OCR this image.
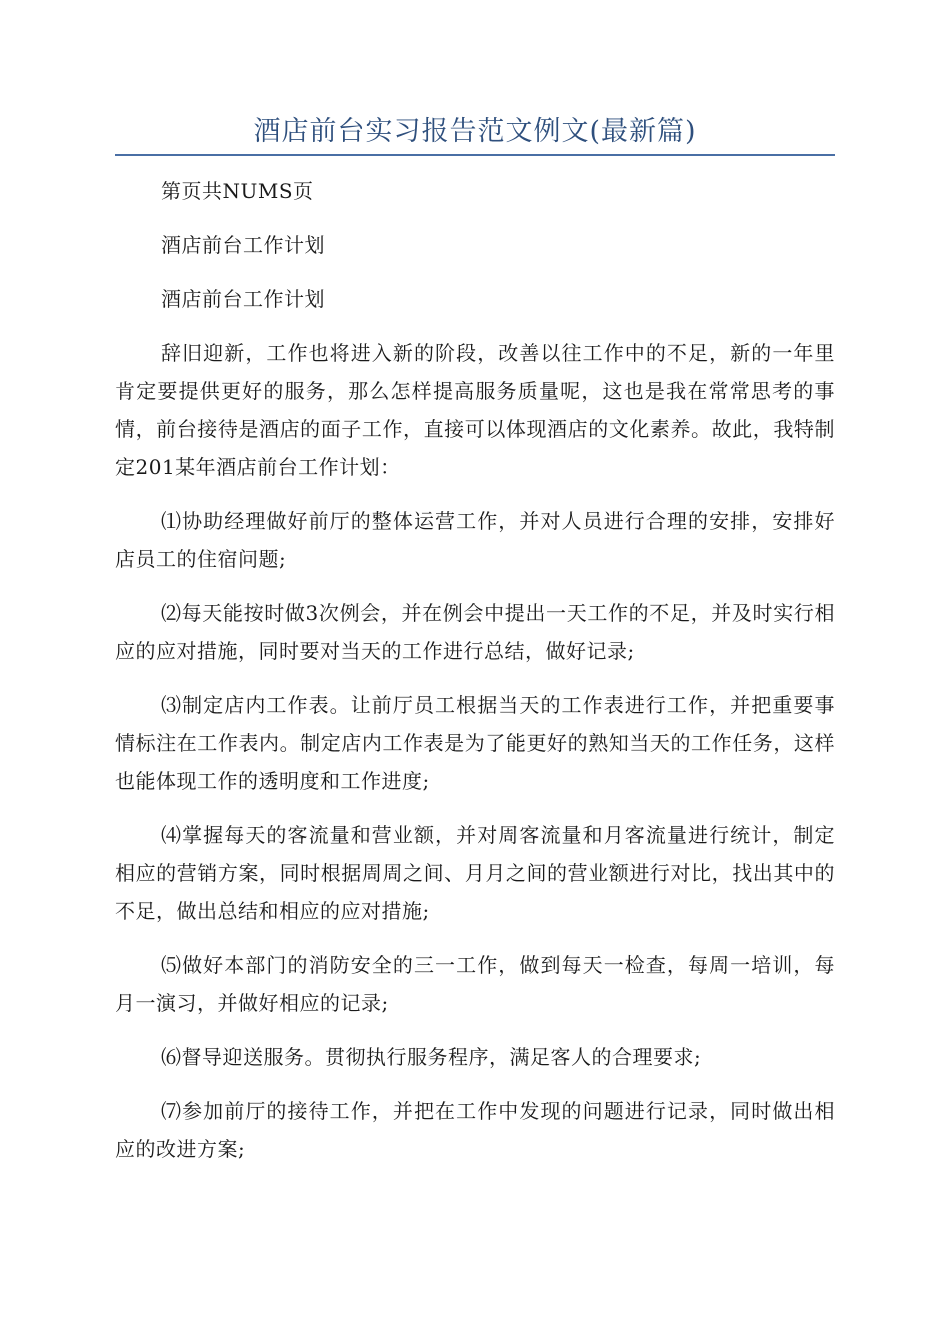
酒店前台实习报告范文例文(最新篇)

第页共NUMS页

酒店前台工作计划

酒店前台工作计划

辞旧迎新，工作也将进入新的阶段，改善以往工作中的不足，新的一年里肯定要提供更好的服务，那么怎样提高服务质量呢，这也是我在常常思考的事情，前台接待是酒店的面子工作，直接可以体现酒店的文化素养。故此，我特制定201某年酒店前台工作计划：

⑴协助经理做好前厅的整体运营工作，并对人员进行合理的安排，安排好店员工的住宿问题;

⑵每天能按时做3次例会，并在例会中提出一天工作的不足，并及时实行相应的应对措施，同时要对当天的工作进行总结，做好记录;

⑶制定店内工作表。让前厅员工根据当天的工作表进行工作，并把重要事情标注在工作表内。制定店内工作表是为了能更好的熟知当天的工作任务，这样也能体现工作的透明度和工作进度;

⑷掌握每天的客流量和营业额，并对周客流量和月客流量进行统计，制定相应的营销方案，同时根据周周之间、月月之间的营业额进行对比，找出其中的不足，做出总结和相应的应对措施;

⑸做好本部门的消防安全的三一工作，做到每天一检查，每周一培训，每月一演习，并做好相应的记录;

⑹督导迎送服务。贯彻执行服务程序，满足客人的合理要求;

⑺参加前厅的接待工作，并把在工作中发现的问题进行记录，同时做出相应的改进方案;
